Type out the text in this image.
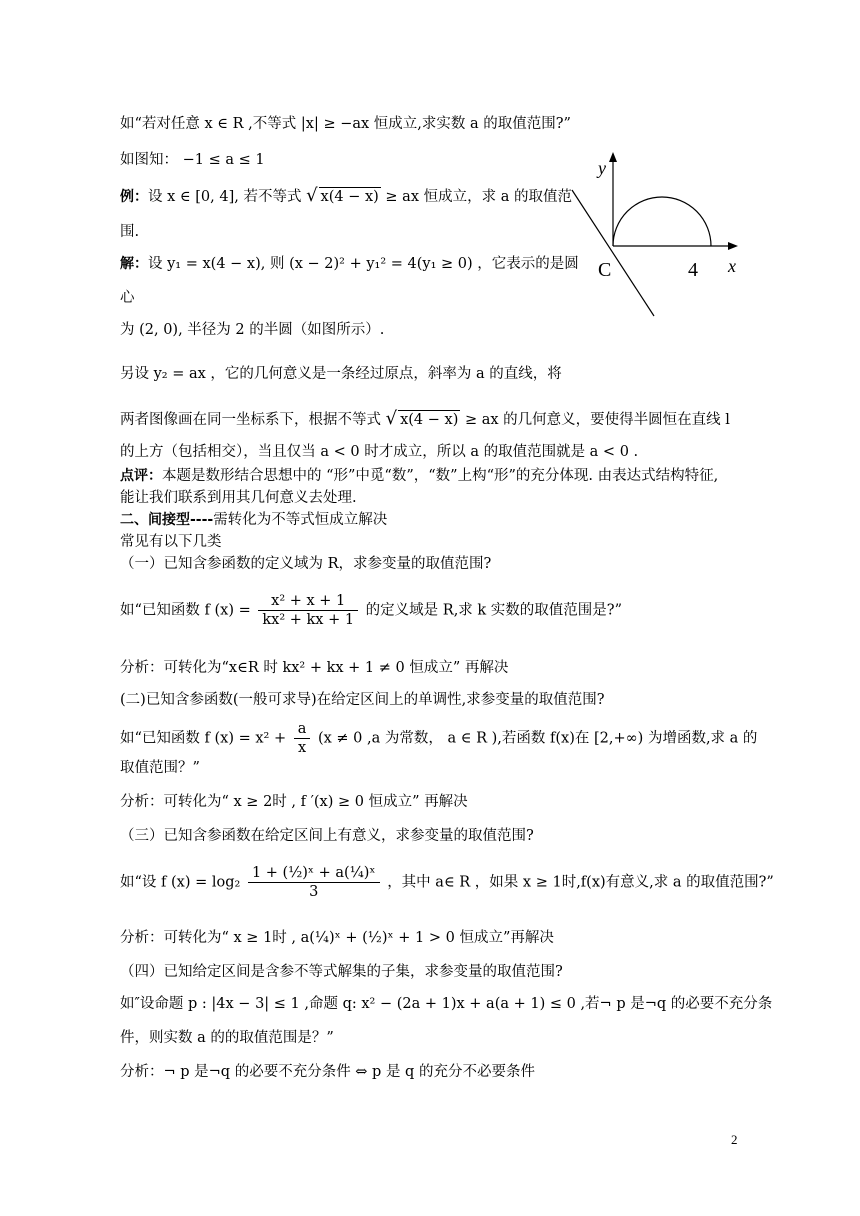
如“若对任意 x ∈ R ,不等式 |x| ≥ −ax 恒成立,求实数 a 的取值范围?”
如图知： −1 ≤ a ≤ 1
例：设 x ∈ [0, 4], 若不等式 √ x(4 − x) ≥ ax 恒成立，求 a 的取值范
围.
解：设 y₁ = x(4 − x), 则 (x − 2)² + y₁² = 4(y₁ ≥ 0) ，它表示的是圆
心
为 (2, 0), 半径为 2 的半圆（如图所示）.
另设 y₂ = ax ，它的几何意义是一条经过原点，斜率为 a 的直线，将
两者图像画在同一坐标系下，根据不等式 √ x(4 − x) ≥ ax 的几何意义，要使得半圆恒在直线 l
的上方（包括相交），当且仅当 a < 0 时才成立，所以 a 的取值范围就是 a < 0 .
点评：本题是数形结合思想中的 “形”中觅“数”，“数”上构“形”的充分体现. 由表达式结构特征,
能让我们联系到用其几何意义去处理.
二、间接型----需转化为不等式恒成立解决
常见有以下几类
（一）已知含参函数的定义域为 R，求参变量的取值范围?
如“已知函数 f $(x) = \frac{\text{x² + x + 1}}{\text{kx² + kx + 1}}$ 的定义域是 R,求 k 实数的取值范围是?”
分析：可转化为“x∈R 时 kx² + kx + 1 ≠ 0 恒成立” 再解决
(二)已知含参函数(一般可求导)在给定区间上的单调性,求参变量的取值范围?
如“已知函数 f $(x) = x^2 + \frac{a}{x} (x \ne 0$ ,a 为常数， a ∈ R ),若函数 f(x)在 [2,+∞) 为增函数,求 a 的
取值范围？”
分析：可转化为“ x ≥ 2时 , f ′(x) ≥ 0 恒成立” 再解决
（三）已知含参函数在给定区间上有意义，求参变量的取值范围?
如“设 f $(x) = \log_2 \frac{\text{1 + (½)ˣ + a(¼)ˣ}}{3}$ ，其中 a∈ R ，如果 x ≥ 1时,f(x)有意义,求 a 的取值范围?”
分析：可转化为“ x ≥ 1时 , a(¼)ˣ + (½)ˣ + 1 > 0 恒成立”再解决
（四）已知给定区间是含参不等式解集的子集，求参变量的取值范围?
如″设命题 p : |4x − 3| ≤ 1 ,命题 q: x² − (2a + 1)x + a(a + 1) ≤ 0 ,若¬ p 是¬q 的必要不充分条
件，则实数 a 的的取值范围是？”
分析：¬ p 是¬q 的必要不充分条件 ⇔ p 是 q 的充分不必要条件
y
x
C	4
2
